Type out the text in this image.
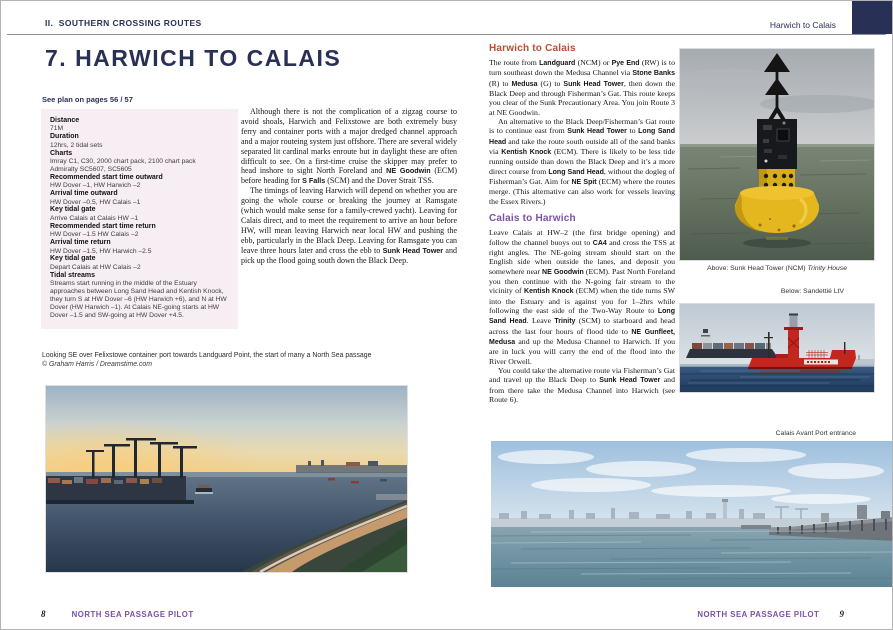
II.  SOUTHERN CROSSING ROUTES	Harwich to Calais
7. HARWICH TO CALAIS
See plan on pages 56 / 57
Distance
71M
Duration
12hrs, 2 tidal sets
Charts
Imray C1, C30, 2000 chart pack, 2100 chart pack
Admiralty SC5607, SC5605
Recommended start time outward
HW Dover –1, HW Harwich –2
Arrival time outward
HW Dover –0.5, HW Calais –1
Key tidal gate
Arrive Calais at Calais HW –1
Recommended start time return
HW Dover –1.5 HW Calais –2
Arrival time return
HW Dover –1.5, HW Harwich –2.5
Key tidal gate
Depart Calais at HW Calais –2
Tidal streams
Streams start running in the middle of the Estuary approaches between Long Sand Head and Kentish Knock, they turn S at HW Dover –6 (HW Harwich +6), and N at HW Dover (HW Harwich –1). At Calais NE-going starts at HW Dover –1.5 and SW-going at HW Dover +4.5.

Although there is not the complication of a zigzag course to avoid shoals, Harwich and Felixstowe are both extremely busy ferry and container ports with a major dredged channel approach and a major routeing system just offshore. There are several widely separated lit cardinal marks enroute but in daylight these are often difficult to see. On a first-time cruise the skipper may prefer to head inshore to sight North Foreland and NE Goodwin (ECM) before heading for S Falls (SCM) and the Dover Strait TSS.

The timings of leaving Harwich will depend on whether you are going the whole course or breaking the journey at Ramsgate (which would make sense for a family-crewed yacht). Leaving for Calais direct, and to meet the requirement to arrive an hour before HW, will mean leaving Harwich near local HW and pushing the ebb, particularly in the Black Deep. Leaving for Ramsgate you can leave three hours later and cross the ebb to Sunk Head Tower and pick up the flood going south down the Black Deep.

Looking SE over Felixstowe container port towards Landguard Point, the start of many a North Sea passage
© Graham Harris / Dreamstime.com
8	NORTH SEA PASSAGE PILOT
Harwich to Calais

The route from Landguard (NCM) or Pye End (RW) is to turn southeast down the Medusa Channel via Stone Banks (R) to Medusa (G) to Sunk Head Tower, then down the Black Deep and through Fisherman’s Gat. This route keeps you clear of the Sunk Precautionary Area. You join Route 3 at NE Goodwin.

An alternative to the Black Deep/Fisherman’s Gat route is to continue east from Sunk Head Tower to Long Sand Head and take the route south outside all of the sand banks via Kentish Knock (ECM). There is likely to be less tide running outside than down the Black Deep and it’s a more direct course from Long Sand Head, without the dogleg of Fisherman’s Gat. Aim for NE Spit (ECM) where the routes merge. (This alternative can also work for vessels leaving the Essex Rivers.)

Calais to Harwich

Leave Calais at HW–2 (the first bridge opening) and follow the channel buoys out to CA4 and cross the TSS at right angles. The NE-going stream should start on the English side when outside the lanes, and deposit you somewhere near NE Goodwin (ECM). Past North Foreland you then continue with the N-going fair stream to the vicinity of Kentish Knock (ECM) when the tide turns SW into the Estuary and is against you for 1–2hrs while following the east side of the Two-Way Route to Long Sand Head. Leave Trinity (SCM) to starboard and head across the last four hours of flood tide to NE Gunfleet, Medusa and up the Medusa Channel to Harwich. If you are in luck you will carry the end of the flood into the River Orwell.

You could take the alternative route via Fisherman’s Gat and travel up the Black Deep to Sunk Head Tower and from there take the Medusa Channel into Harwich (see Route 6).

Above: Sunk Head Tower (NCM) Trinity House
Below: Sandettié LtV
Calais Avant Port entrance
NORTH SEA PASSAGE PILOT 9
